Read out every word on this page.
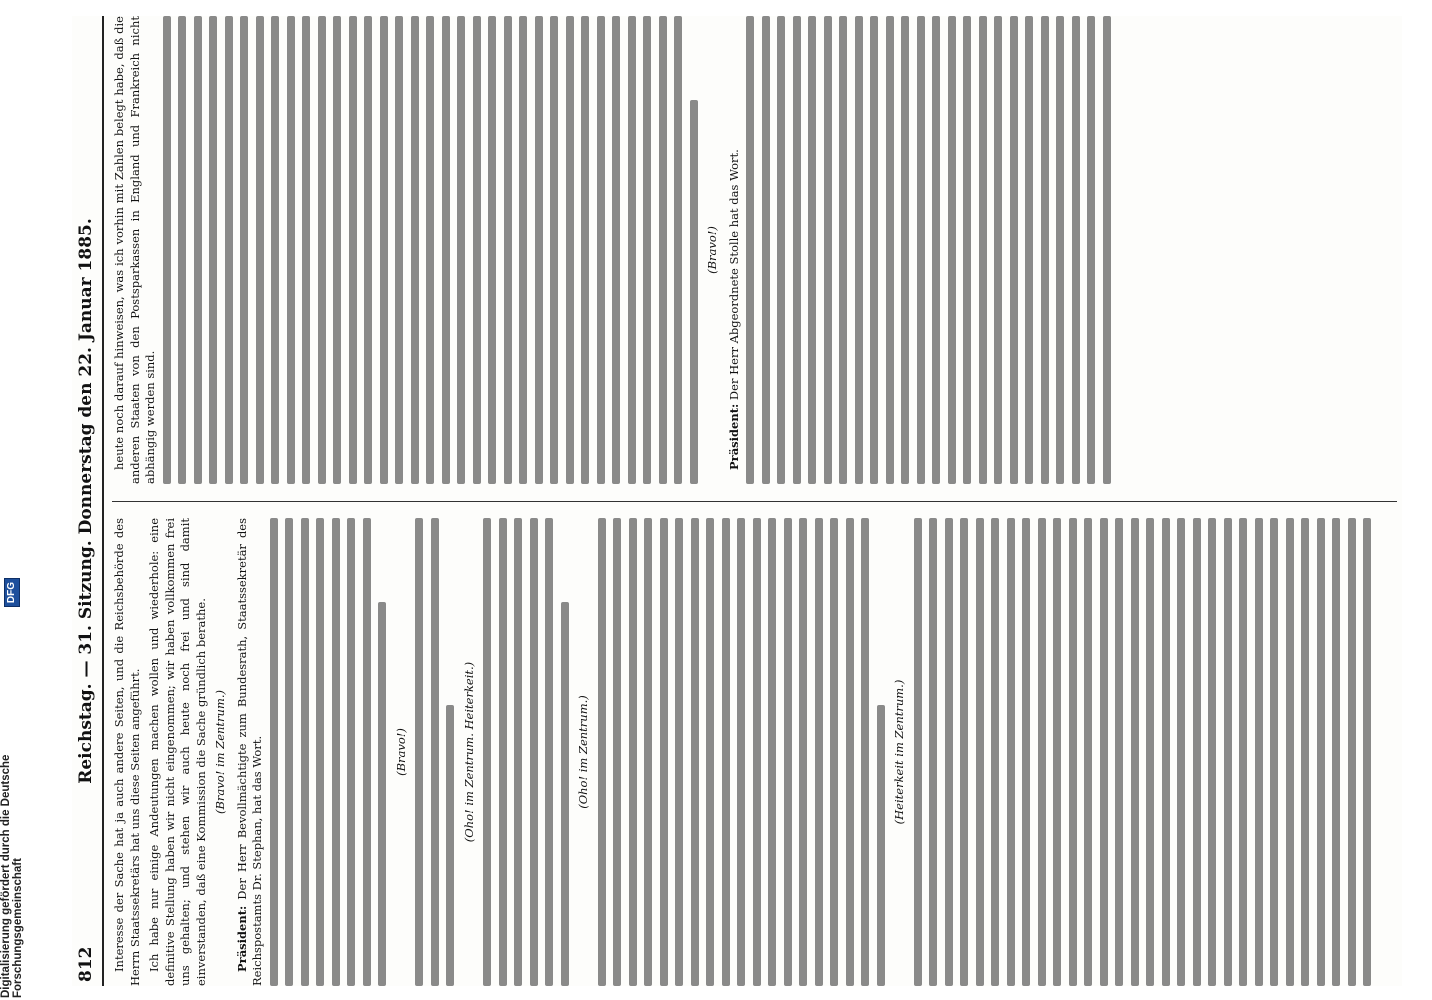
812
Reichstag. — 31. Sitzung. Donnerstag den 22. Januar 1885. Interesse der Sache hat ja auch andere Seiten, und die Reichsbehörde des Herrn Staatssekretärs hat uns diese Seiten angeführt. Ich habe nur einige Andeutungen machen wollen und wiederhole: eine definitive Stellung haben wir nicht eingenommen; wir haben vollkommen frei uns gehalten; und stehen wir auch heute noch frei und sind damit einverstanden, daß eine Kommission die Sache gründlich berathe. (Bravo! im Zentrum.)

Präsident: Der Herr Bevollmächtigte zum Bundesrath, Staatssekretär des Reichspostamts Dr. Stephan, hat das Wort.	(Bravo!)	(Oho! im Zentrum. Heiterkeit.)	(Oho! im Zentrum.)	(Heiterkeit im Zentrum.)

heute noch darauf hinweisen, was ich vorhin mit Zahlen belegt habe, daß die anderen Staaten von den Postsparkassen in England und Frankreich nicht abhängig werden sind.

(Bravo!)

Präsident: Der Herr Abgeordnete Stolle hat das Wort.

Digitalisierung gefördert durch die Deutsche Forschungsgemeinschaft
DFG
